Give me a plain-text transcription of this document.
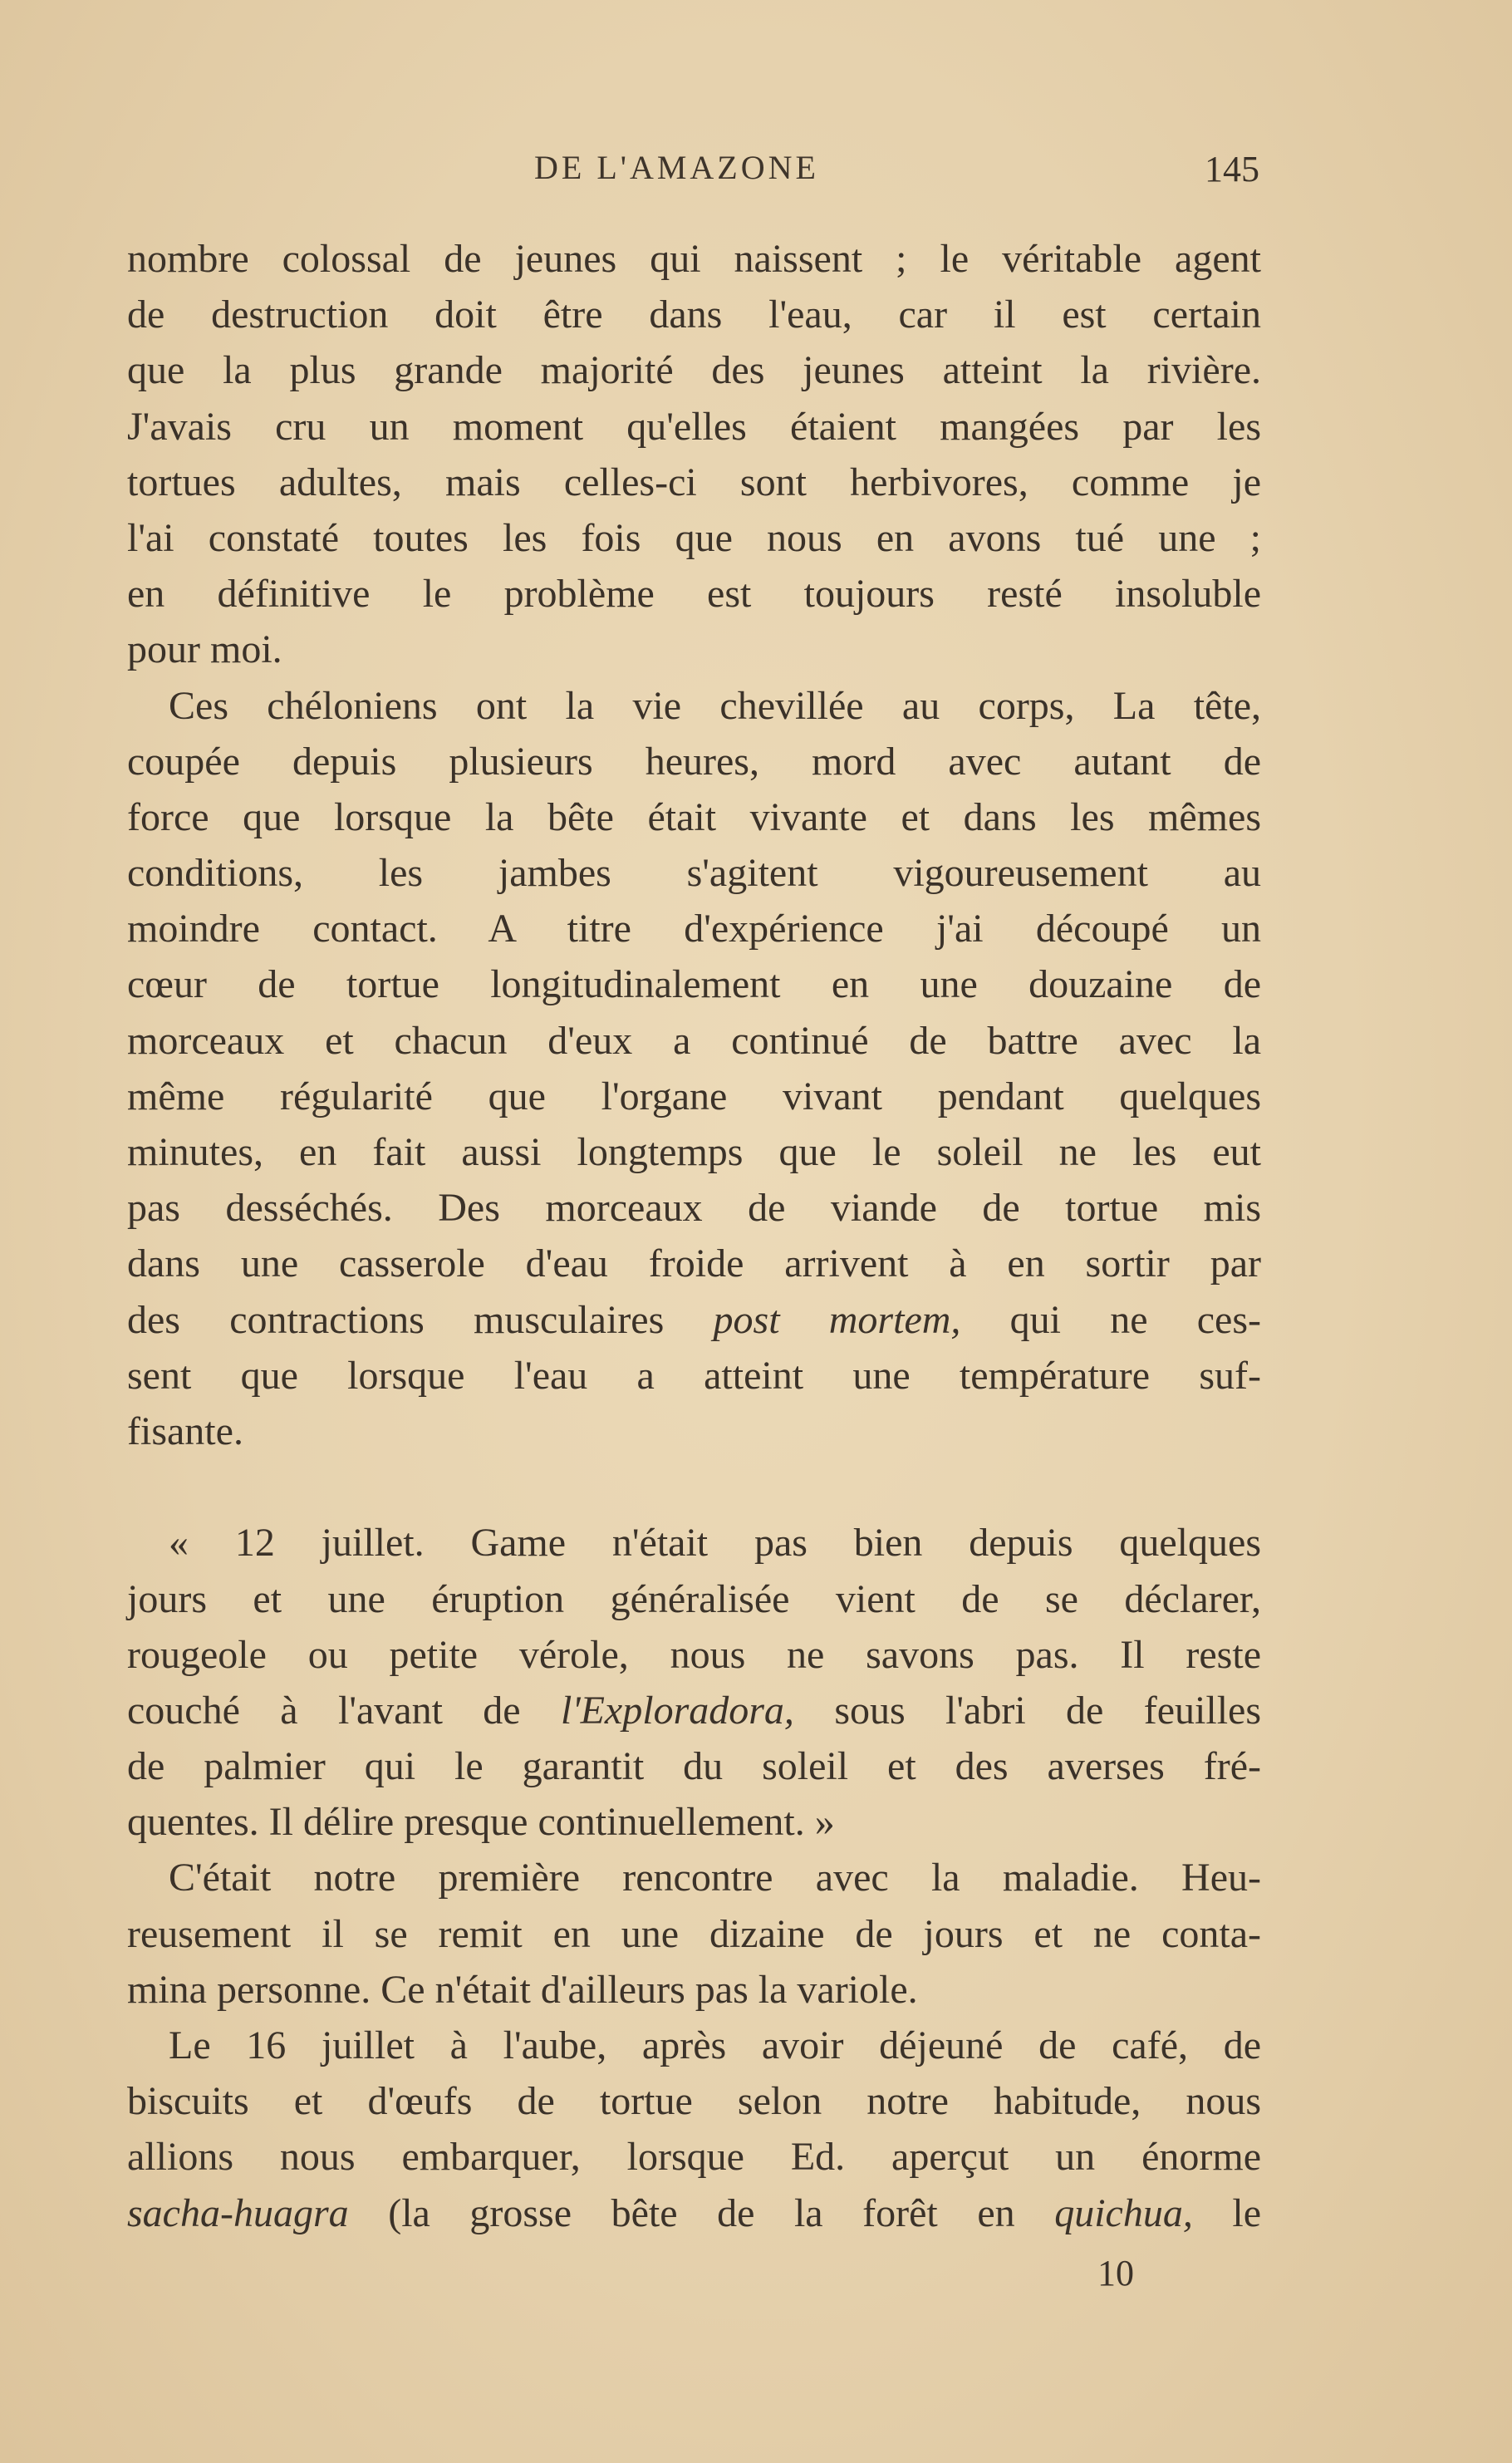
DE L'AMAZONE	145

nombre colossal de jeunes qui naissent ; le véritable agent

de destruction doit être dans l'eau, car il est certain

que la plus grande majorité des jeunes atteint la rivière.

J'avais cru un moment qu'elles étaient mangées par les

tortues adultes, mais celles-ci sont herbivores, comme je

l'ai constaté toutes les fois que nous en avons tué une ;

en définitive le problème est toujours resté insoluble

pour moi.

Ces chéloniens ont la vie chevillée au corps, La tête,

coupée depuis plusieurs heures, mord avec autant de

force que lorsque la bête était vivante et dans les mêmes

conditions, les jambes s'agitent vigoureusement au

moindre contact. A titre d'expérience j'ai découpé un

cœur de tortue longitudinalement en une douzaine de

morceaux et chacun d'eux a continué de battre avec la

même régularité que l'organe vivant pendant quelques

minutes, en fait aussi longtemps que le soleil ne les eut

pas desséchés. Des morceaux de viande de tortue mis

dans une casserole d'eau froide arrivent à en sortir par

des contractions musculaires post mortem, qui ne ces-

sent que lorsque l'eau a atteint une température suf-

fisante.

« 12 juillet. Game n'était pas bien depuis quelques

jours et une éruption généralisée vient de se déclarer,

rougeole ou petite vérole, nous ne savons pas. Il reste

couché à l'avant de l'Exploradora, sous l'abri de feuilles

de palmier qui le garantit du soleil et des averses fré-

quentes. Il délire presque continuellement. »

C'était notre première rencontre avec la maladie. Heu-

reusement il se remit en une dizaine de jours et ne conta-

mina personne. Ce n'était d'ailleurs pas la variole.

Le 16 juillet à l'aube, après avoir déjeuné de café, de

biscuits et d'œufs de tortue selon notre habitude, nous

allions nous embarquer, lorsque Ed. aperçut un énorme

sacha-huagra (la grosse bête de la forêt en quichua, le

10
